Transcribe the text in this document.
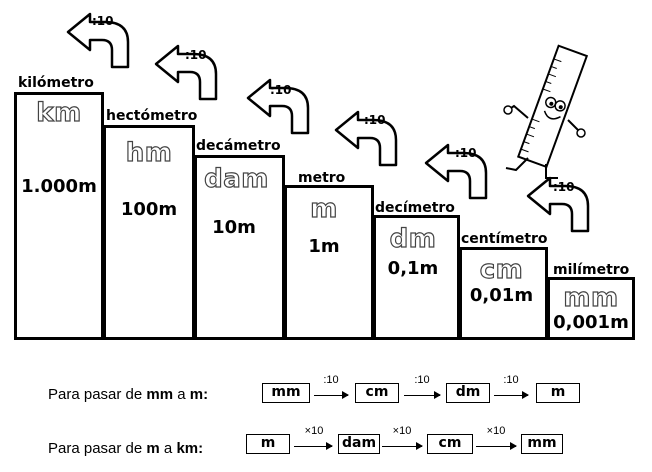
kilómetro
hectómetro
decámetro
metro
decímetro
centímetro
milímetro
km
hm
dam
m
dm
cm
mm
1.000m
100m
10m
1m
0,1m
0,01m
0,001m
:10
:10
:10
:10
:10
:10
Para pasar de mm a m:	mm
:10
cm
:10
dm
:10
m
Para pasar de m a km:	m
×10
dam
×10
cm
×10
mm
